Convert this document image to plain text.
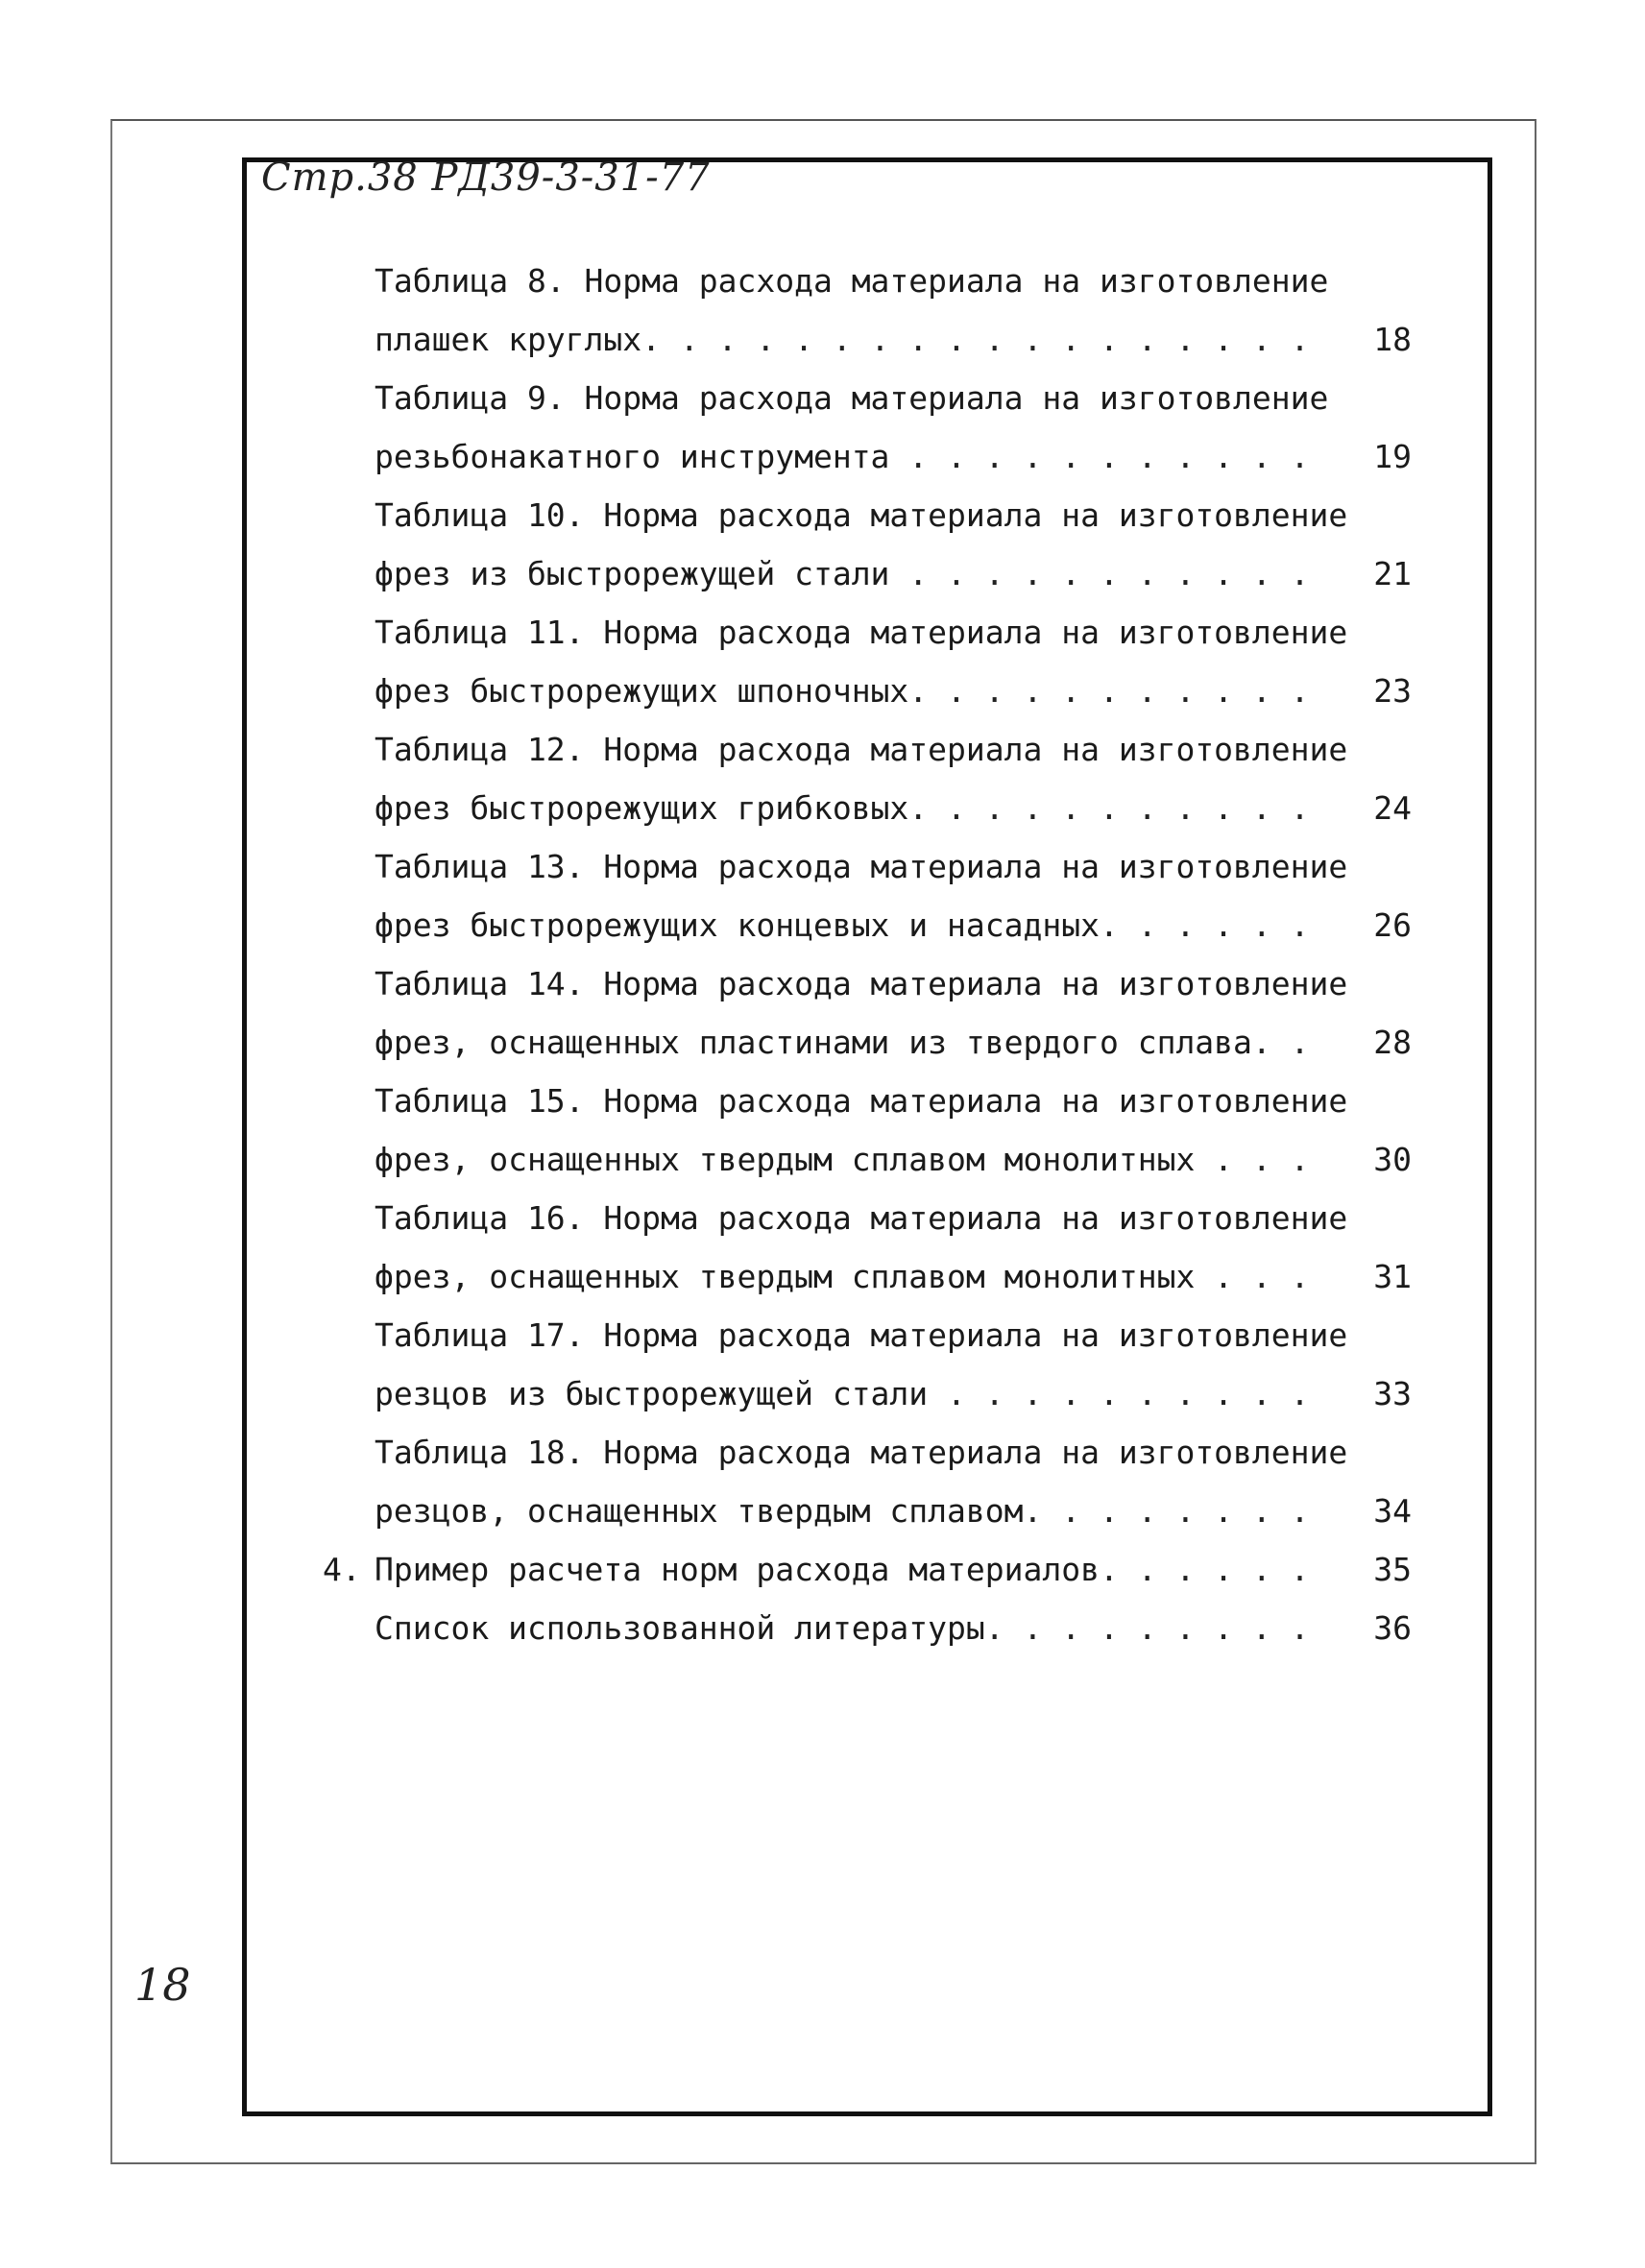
Стр.38 РД39-3-31-77

Таблица 8. Норма расхода материала на изготовление
. . .
плашек круглых	18
Таблица 9. Норма расхода материала на изготовление
. . .
резьбонакатного инструмента	19
Таблица 10. Норма расхода материала на изготовление
. . .
фрез из быстрорежущей стали	21
Таблица 11. Норма расхода материала на изготовление
. . .
фрез быстрорежущих шпоночных	23
Таблица 12. Норма расхода материала на изготовление
. . .
фрез быстрорежущих грибковых	24
Таблица 13. Норма расхода материала на изготовление
. . .
фрез быстрорежущих концевых и насадных	26
Таблица 14. Норма расхода материала на изготовление
. . .
фрез, оснащенных пластинами из твердого сплава	28
Таблица 15. Норма расхода материала на изготовление
. . .
фрез, оснащенных твердым сплавом монолитных	30
Таблица 16. Норма расхода материала на изготовление
. . .
фрез, оснащенных твердым сплавом монолитных	31
Таблица 17. Норма расхода материала на изготовление
. . .
резцов из быстрорежущей стали	33
Таблица 18. Норма расхода материала на изготовление
. . .
резцов, оснащенных твердым сплавом	34
4. . . . Пример расчета норм расхода материалов	35
. . .
Список использованной литературы	36

18
